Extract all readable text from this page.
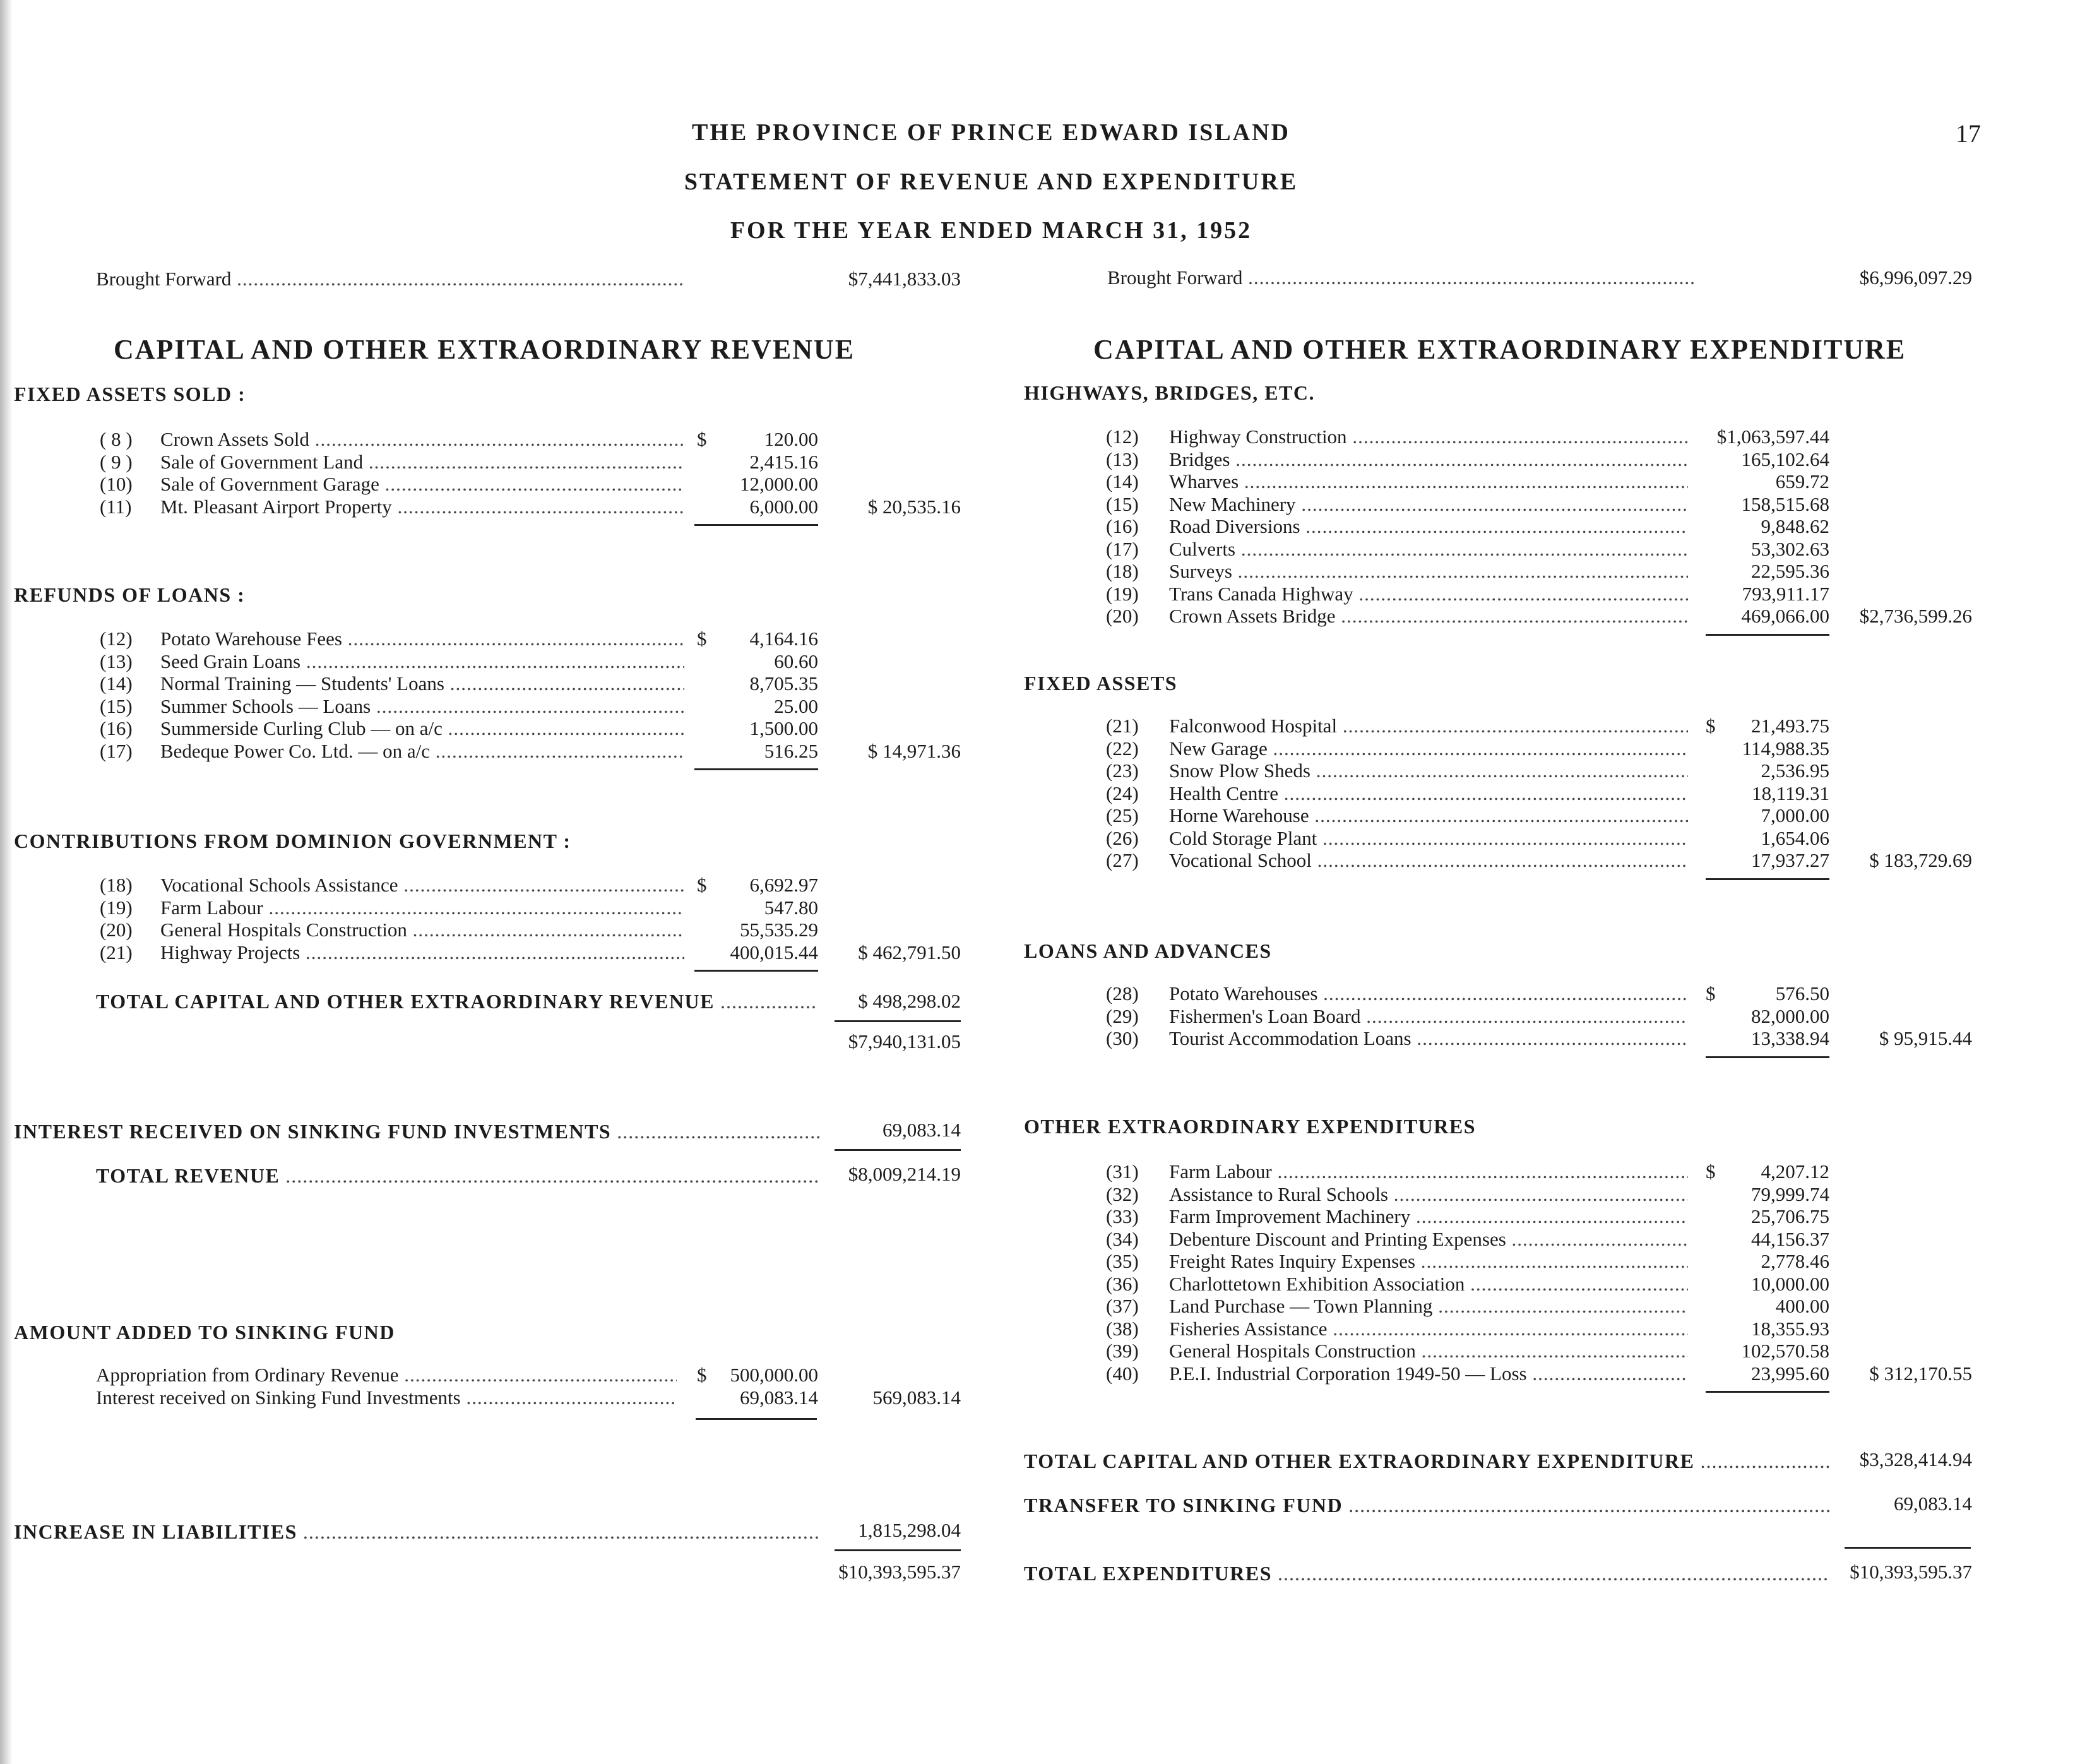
THE PROVINCE OF PRINCE EDWARD ISLAND
STATEMENT OF REVENUE AND EXPENDITURE
FOR THE YEAR ENDED MARCH 31, 1952
17
Brought Forward .....	$7,441,833.03	Brought Forward .....	$6,996,097.29
CAPITAL AND OTHER EXTRAORDINARY REVENUE	CAPITAL AND OTHER EXTRAORDINARY EXPENDITURE
FIXED ASSETS SOLD :
( 8 ) Crown Assets Sold .....	$	120.00
( 9 ) Sale of Government Land .....	2,415.16
(10) Sale of Government Garage .....	12,000.00
(11) Mt. Pleasant Airport Property .....	6,000.00	$ 20,535.16
REFUNDS OF LOANS :
(12) Potato Warehouse Fees .....	$ 4,164.16
(13) Seed Grain Loans .....	60.60
(14) Normal Training — Students' Loans .....	8,705.35
(15) Summer Schools — Loans .....	25.00
(16) Summerside Curling Club — on a/c .....	1,500.00
(17) Bedeque Power Co. Ltd. — on a/c .....	516.25	$ 14,971.36
CONTRIBUTIONS FROM DOMINION GOVERNMENT :
(18) Vocational Schools Assistance .....	$ 6,692.97
(19) Farm Labour .....	547.80
(20) General Hospitals Construction .....	55,535.29
(21) Highway Projects .....	400,015.44 $ 462,791.50
HIGHWAYS, BRIDGES, ETC.
(12) Highway Construction .....	$1,063,597.44
(13) Bridges .....	165,102.64
(14) Wharves .....	659.72
(15) New Machinery .....	158,515.68
(16) Road Diversions .....	9,848.62
(17) Culverts .....	53,302.63
(18) Surveys .....	22,595.36
(19) Trans Canada Highway .....	793,911.17
(20) Crown Assets Bridge .....	469,066.00 $2,736,599.26
FIXED ASSETS
(21) Falconwood Hospital .....	$ 21,493.75
(22) New Garage .....	114,988.35
(23) Snow Plow Sheds .....	2,536.95
(24) Health Centre .....	18,119.31
(25) Horne Warehouse .....	7,000.00
(26) Cold Storage Plant .....	1,654.06
(27) Vocational School .....	17,937.27 $ 183,729.69
LOANS AND ADVANCES
(28) Potato Warehouses .....	$	576.50
(29) Fishermen's Loan Board .....	82,000.00
(30) Tourist Accommodation Loans .....	13,338.94	$ 95,915.44
OTHER EXTRAORDINARY EXPENDITURES
(31) Farm Labour .....	$ 4,207.12
(32) Assistance to Rural Schools .....	79,999.74
(33) Farm Improvement Machinery .....	25,706.75
(34) Debenture Discount and Printing Expenses .....	44,156.37
(35) Freight Rates Inquiry Expenses .....	2,778.46
(36) Charlottetown Exhibition Association .....	10,000.00
(37) Land Purchase — Town Planning .....	400.00
(38) Fisheries Assistance .....	18,355.93
(39) General Hospitals Construction .....	102,570.58
(40) P.E.I. Industrial Corporation 1949-50 — Loss .....	23,995.60 $ 312,170.55
TOTAL CAPITAL AND OTHER EXTRAORDINARY REVENUE .....	$ 498,298.02
$7,940,131.05
INTEREST RECEIVED ON SINKING FUND INVESTMENTS .....	69,083.14
TOTAL REVENUE .....	$8,009,214.19
AMOUNT ADDED TO SINKING FUND
Appropriation from Ordinary Revenue .....	$ 500,000.00
Interest received on Sinking Fund Investments .....	69,083.14	569,083.14
INCREASE IN LIABILITIES .....	1,815,298.04
$10,393,595.37
TOTAL CAPITAL AND OTHER EXTRAORDINARY EXPENDITURE .....	$3,328,414.94
TRANSFER TO SINKING FUND .....	69,083.14
TOTAL EXPENDITURES .....	$10,393,595.37
